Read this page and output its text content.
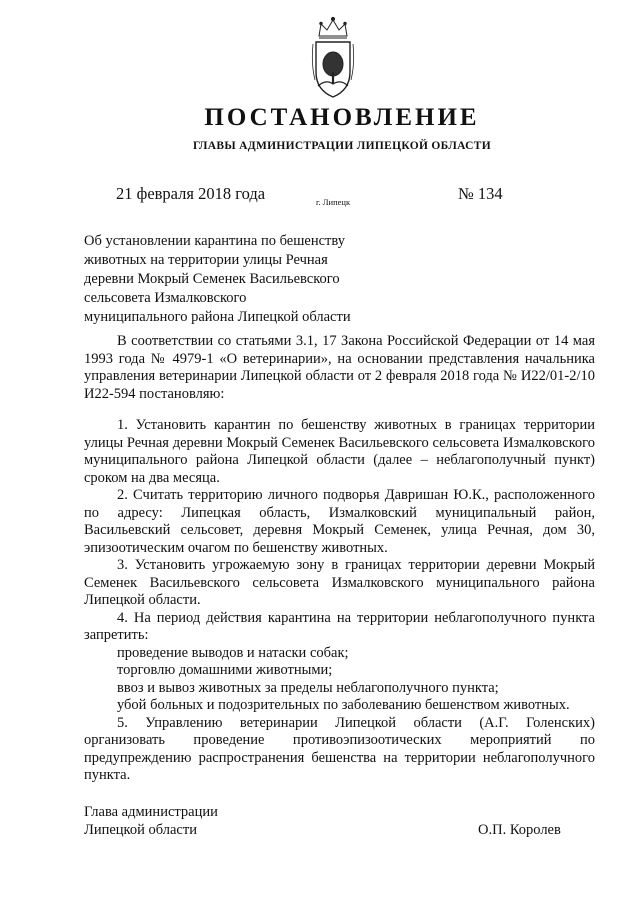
ПОСТАНОВЛЕНИЕ
ГЛАВЫ АДМИНИСТРАЦИИ ЛИПЕЦКОЙ ОБЛАСТИ
21 февраля 2018 года	г. Липецк	№ 134
Об установлении карантина по бешенству
животных на территории улицы Речная
деревни Мокрый Семенек Васильевского
сельсовета Измалковского
муниципального района Липецкой области

В соответствии со статьями 3.1, 17 Закона Российской Федерации от 14 мая 1993 года № 4979-1 «О ветеринарии», на основании представления начальника управления ветеринарии Липецкой области от 2 февраля 2018 года № И22/01-2/10 И22-594 постановляю:

1. Установить карантин по бешенству животных в границах территории улицы Речная деревни Мокрый Семенек Васильевского сельсовета Измалковского муниципального района Липецкой области (далее – неблагополучный пункт) сроком на два месяца.

2. Считать территорию личного подворья Давришан Ю.К., расположенного по адресу: Липецкая область, Измалковский муниципальный район, Васильевский сельсовет, деревня Мокрый Семенек, улица Речная, дом 30, эпизоотическим очагом по бешенству животных.

3. Установить угрожаемую зону в границах территории деревни Мокрый Семенек Васильевского сельсовета Измалковского муниципального района Липецкой области.

4. На период действия карантина на территории неблагополучного пункта запретить:

проведение выводов и натаски собак;

торговлю домашними животными;

ввоз и вывоз животных за пределы неблагополучного пункта;

убой больных и подозрительных по заболеванию бешенством животных.

5. Управлению ветеринарии Липецкой области (А.Г. Голенских) организовать проведение противоэпизоотических мероприятий по предупреждению распространения бешенства на территории неблагополучного пункта.

Глава администрации
Липецкой области	О.П. Королев
